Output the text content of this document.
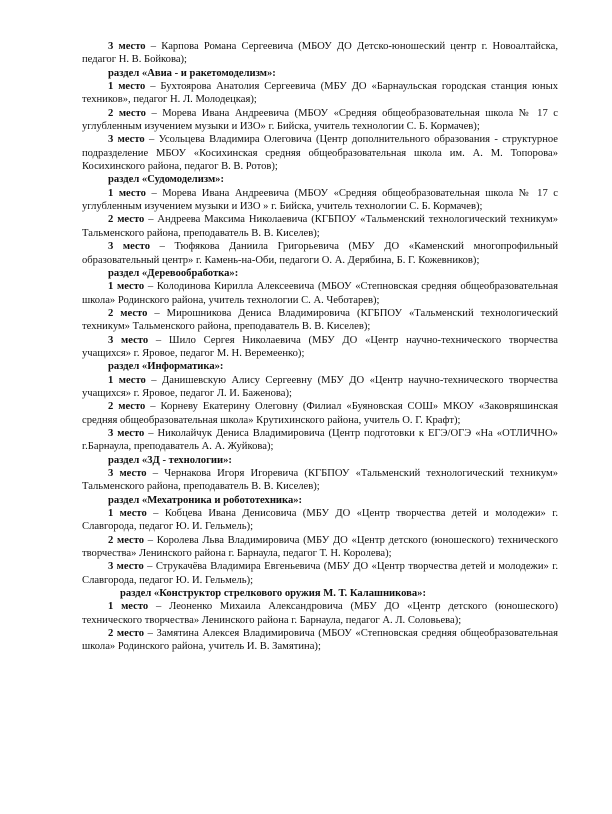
3 место – Карпова Романа Сергеевича (МБОУ ДО Детско-юношеский центр г. Новоалтайска, педагог Н. В. Бойкова);

раздел «Авиа - и ракетомоделизм»:

1 место – Бухтоярова Анатолия Сергеевича (МБУ ДО «Барнаульская городская станция юных техников», педагог Н. Л. Молодецкая);

2 место – Морева Ивана Андреевича (МБОУ «Средняя общеобразовательная школа № 17 с углубленным изучением музыки и ИЗО» г. Бийска, учитель технологии С. Б. Кормачев);

3 место – Усольцева Владимира Олеговича (Центр дополнительного образования - структурное подразделение МБОУ «Косихинская средняя общеобразовательная школа им. А. М. Топорова» Косихинского района, педагог В. В. Ротов);

раздел «Судомоделизм»:

1 место – Морева Ивана Андреевича (МБОУ «Средняя общеобразовательная школа № 17 с углубленным изучением музыки и ИЗО » г. Бийска, учитель технологии С. Б. Кормачев);

2 место – Андреева Максима Николаевича (КГБПОУ «Тальменский технологический техникум» Тальменского района, преподаватель В. В. Киселев);

3 место – Тюфякова Даниила Григорьевича (МБУ ДО «Каменский многопрофильный образовательный центр» г. Камень-на-Оби, педагоги О. А. Дерябина, Б. Г. Кожевников);

раздел «Деревообработка»:

1 место – Колодинова Кирилла Алексеевича (МБОУ «Степновская средняя общеобразовательная школа» Родинского района, учитель технологии С. А. Чеботарев);

2 место – Мирошникова Дениса Владимировича (КГБПОУ «Тальменский технологический техникум» Тальменского района, преподаватель В. В. Киселев);

3 место – Шило Сергея Николаевича (МБУ ДО «Центр научно-технического творчества учащихся» г. Яровое, педагог М. Н. Веремеенко);

раздел «Информатика»:

1 место – Данишевскую Алису Сергеевну (МБУ ДО «Центр научно-технического творчества учащихся» г. Яровое, педагог Л. И. Баженова);

2 место – Корневу Екатерину Олеговну (Филиал «Буяновская СОШ» МКОУ «Заковряшинская средняя общеобразовательная школа» Крутихинского района, учитель О. Г. Крафт);

3 место – Николайчук Дениса Владимировича (Центр подготовки к ЕГЭ/ОГЭ «На «ОТЛИЧНО» г.Барнаула, преподаватель А. А. Жуйкова);

раздел «3Д - технологии»:

3 место – Чернакова Игоря Игоревича (КГБПОУ «Тальменский технологический техникум» Тальменского района, преподаватель В. В. Киселев);

раздел «Мехатроника и робототехника»:

1 место – Кобцева Ивана Денисовича (МБУ ДО «Центр творчества детей и молодежи» г. Славгорода, педагог Ю. И. Гельмель);

2 место – Королева Льва Владимировича (МБУ ДО «Центр детского (юношеского) технического творчества» Ленинского района г. Барнаула, педагог Т. Н. Королева);

3 место – Струкачёва Владимира Евгеньевича (МБУ ДО «Центр творчества детей и молодежи» г. Славгорода, педагог Ю. И. Гельмель);

раздел «Конструктор стрелкового оружия М. Т. Калашникова»:

1 место – Леоненко Михаила Александровича (МБУ ДО «Центр детского (юношеского) технического творчества» Ленинского района г. Барнаула, педагог А. Л. Соловьева);

2 место – Замятина Алексея Владимировича (МБОУ «Степновская средняя общеобразовательная школа» Родинского района, учитель И. В. Замятина);
